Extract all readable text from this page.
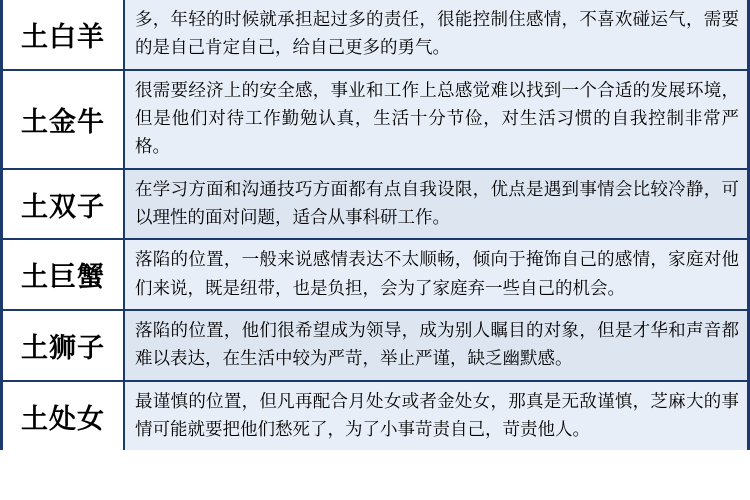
土白羊	多，年轻的时候就承担起过多的责任，很能控制住感情，不喜欢碰运气，需要的是自己肯定自己，给自己更多的勇气。
土金牛	很需要经济上的安全感，事业和工作上总感觉难以找到一个合适的发展环境，但是他们对待工作勤勉认真，生活十分节俭，对生活习惯的自我控制非常严格。
土双子	在学习方面和沟通技巧方面都有点自我设限，优点是遇到事情会比较冷静，可以理性的面对问题，适合从事科研工作。
土巨蟹	落陷的位置，一般来说感情表达不太顺畅，倾向于掩饰自己的感情，家庭对他们来说，既是纽带，也是负担，会为了家庭弃一些自己的机会。
土狮子	落陷的位置，他们很希望成为领导，成为别人瞩目的对象，但是才华和声音都难以表达，在生活中较为严苛，举止严谨，缺乏幽默感。
土处女	最谨慎的位置，但凡再配合月处女或者金处女，那真是无敌谨慎，芝麻大的事情可能就要把他们愁死了，为了小事苛责自己，苛责他人。
